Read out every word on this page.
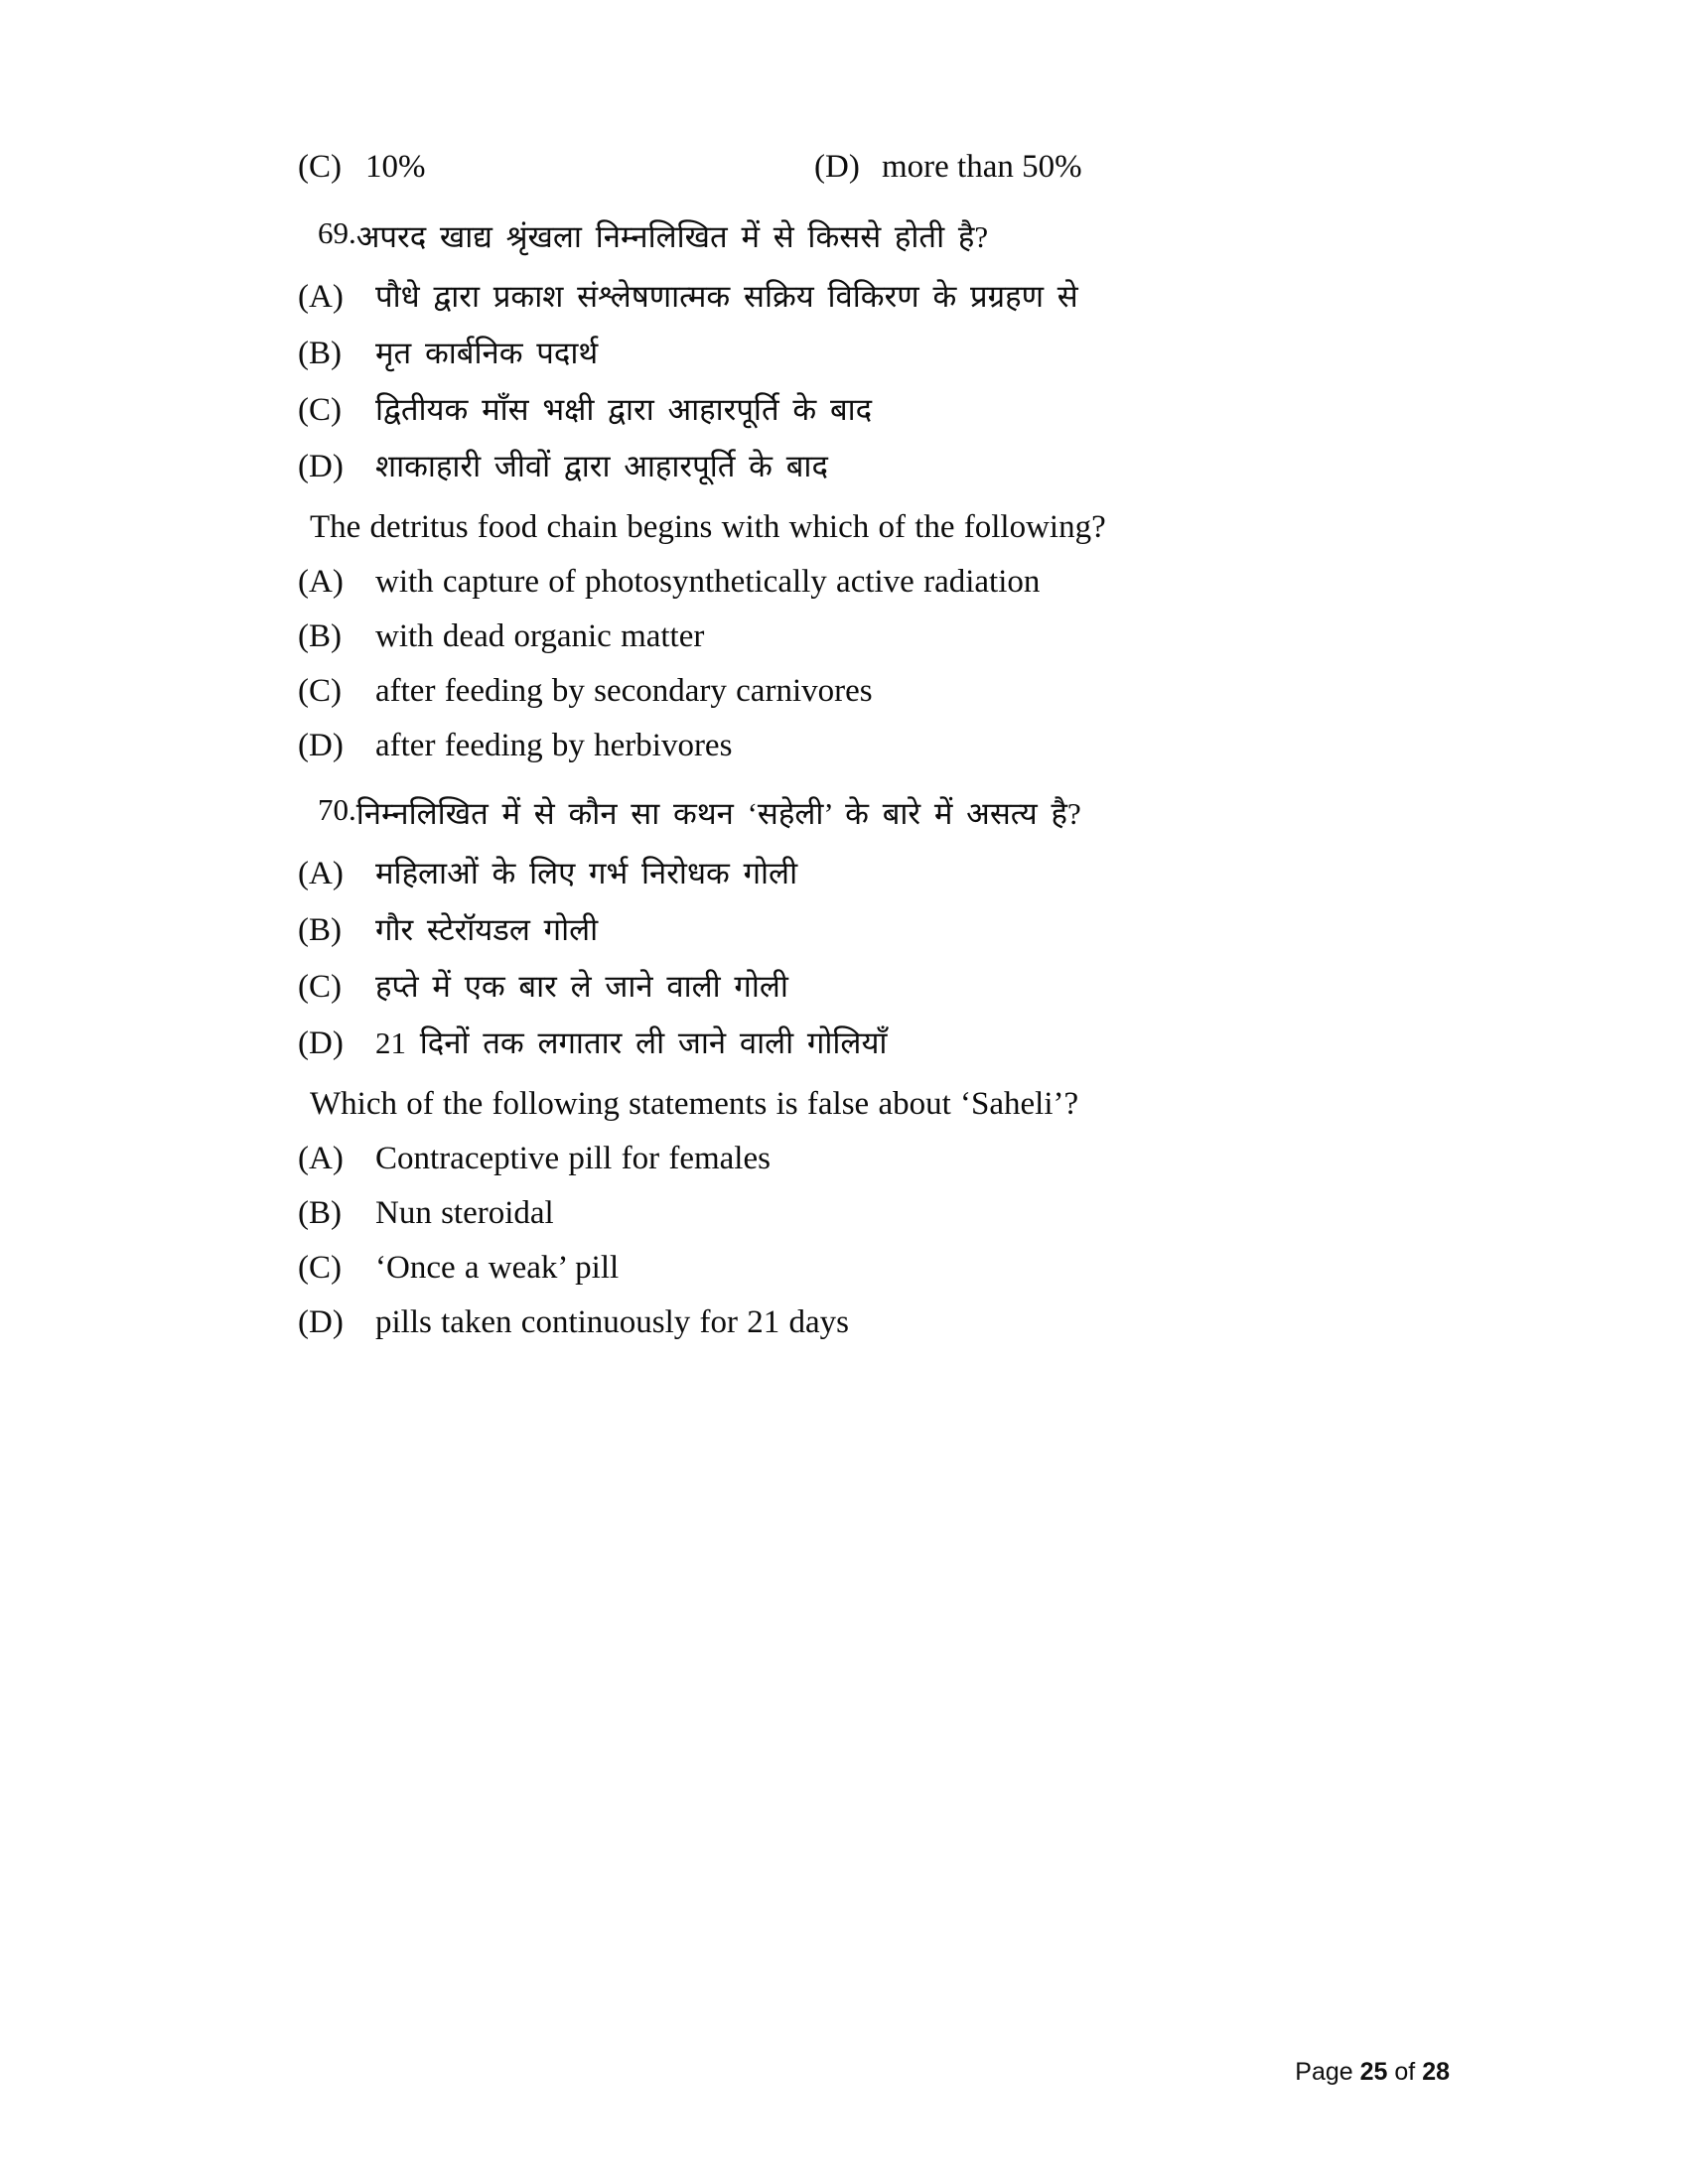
(C) 10%	(D) more than 50%
69. अपरद खाद्य श्रृंखला निम्नलिखित में से किससे होती है?
(A)	पौधे द्वारा प्रकाश संश्लेषणात्मक सक्रिय विकिरण के प्रग्रहण से
(B)	मृत कार्बनिक पदार्थ
(C)	द्वितीयक माँस भक्षी द्वारा आहारपूर्ति के बाद
(D)	शाकाहारी जीवों द्वारा आहारपूर्ति के बाद
The detritus food chain begins with which of the following?
(A) with capture of photosynthetically active radiation
(B)	with dead organic matter
(C)	after feeding by secondary carnivores
(D) after feeding by herbivores
70. निम्नलिखित में से कौन सा कथन ‘सहेली’ के बारे में असत्य है?
(A)	महिलाओं के लिए गर्भ निरोधक गोली
(B)	गौर स्टेरॉयडल गोली
(C)	हप्ते में एक बार ले जाने वाली गोली
(D)	21 दिनों तक लगातार ली जाने वाली गोलियाँ
Which of the following statements is false about ‘Saheli’?
(A) Contraceptive pill for females
(B)	Nun steroidal
(C)	‘Once a weak’ pill
(D) pills taken continuously for 21 days
Page 25 of 28
